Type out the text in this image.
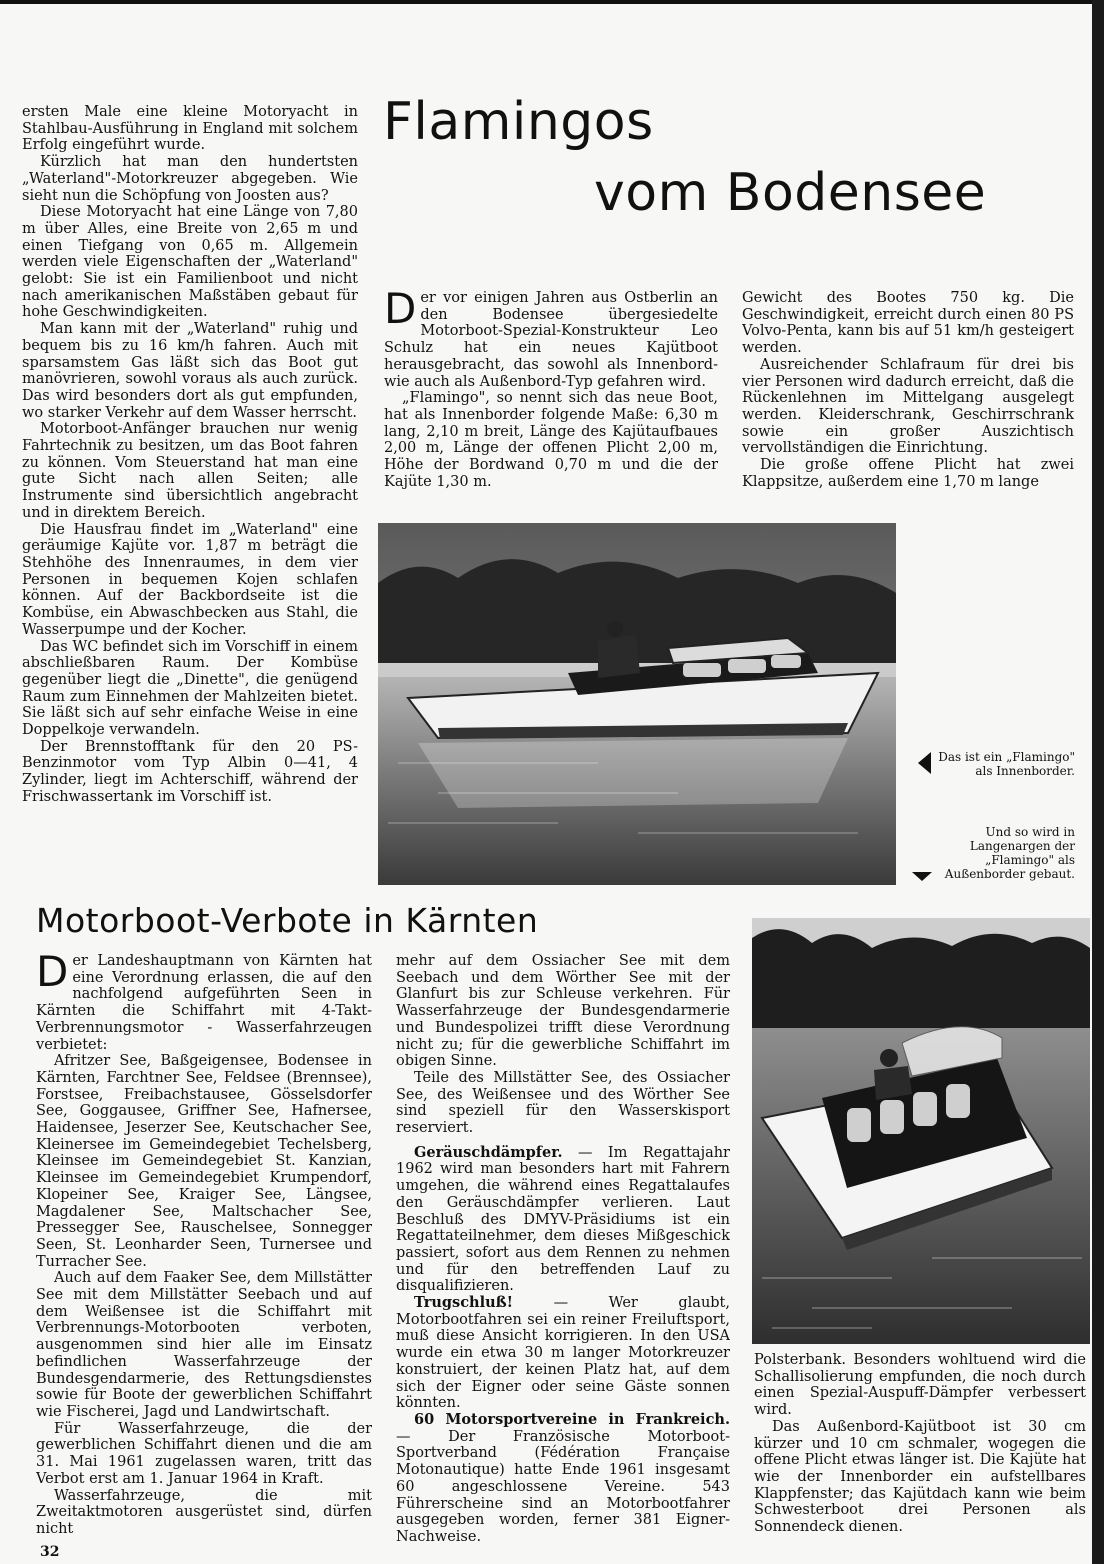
Flamingos
vom Bodensee

ersten Male eine kleine Motoryacht in Stahlbau-Ausführung in England mit solchem Erfolg eingeführt wurde.

Kürzlich hat man den hundertsten „Waterland"-Motorkreuzer abgegeben. Wie sieht nun die Schöpfung von Joosten aus?

Diese Motoryacht hat eine Länge von 7,80 m über Alles, eine Breite von 2,65 m und einen Tiefgang von 0,65 m. Allgemein werden viele Eigenschaften der „Waterland" gelobt: Sie ist ein Familienboot und nicht nach amerikanischen Maßstäben gebaut für hohe Geschwindigkeiten.

Man kann mit der „Waterland" ruhig und bequem bis zu 16 km/h fahren. Auch mit sparsamstem Gas läßt sich das Boot gut manövrieren, sowohl voraus als auch zurück. Das wird besonders dort als gut empfunden, wo starker Verkehr auf dem Wasser herrscht.

Motorboot-Anfänger brauchen nur wenig Fahrtechnik zu besitzen, um das Boot fahren zu können. Vom Steuerstand hat man eine gute Sicht nach allen Seiten; alle Instrumente sind übersichtlich angebracht und in direktem Bereich.

Die Hausfrau findet im „Waterland" eine geräumige Kajüte vor. 1,87 m beträgt die Stehhöhe des Innenraumes, in dem vier Personen in bequemen Kojen schlafen können. Auf der Backbordseite ist die Kombüse, ein Abwaschbecken aus Stahl, die Wasserpumpe und der Kocher.

Das WC befindet sich im Vorschiff in einem abschließbaren Raum. Der Kombüse gegenüber liegt die „Dinette", die genügend Raum zum Einnehmen der Mahlzeiten bietet. Sie läßt sich auf sehr einfache Weise in eine Doppelkoje verwandeln.

Der Brennstofftank für den 20 PS-Benzinmotor vom Typ Albin 0—41, 4 Zylinder, liegt im Achterschiff, während der Frischwassertank im Vorschiff ist.

Der vor einigen Jahren aus Ostberlin an den Bodensee übergesiedelte Motorboot-Spezial-Konstrukteur Leo Schulz hat ein neues Kajütboot herausgebracht, das sowohl als Innenbord- wie auch als Außenbord-Typ gefahren wird.

„Flamingo", so nennt sich das neue Boot, hat als Innenborder folgende Maße: 6,30 m lang, 2,10 m breit, Länge des Kajütaufbaues 2,00 m, Länge der offenen Plicht 2,00 m, Höhe der Bordwand 0,70 m und die der Kajüte 1,30 m.

Gewicht des Bootes 750 kg. Die Geschwindigkeit, erreicht durch einen 80 PS Volvo-Penta, kann bis auf 51 km/h gesteigert werden.

Ausreichender Schlafraum für drei bis vier Personen wird dadurch erreicht, daß die Rückenlehnen im Mittelgang ausgelegt werden. Kleiderschrank, Geschirrschrank sowie ein großer Auszichtisch vervollständigen die Einrichtung.

Die große offene Plicht hat zwei Klappsitze, außerdem eine 1,70 m lange

Das ist ein „Flamingo" als Innenborder.
Und so wird in Langenargen der „Flamingo" als Außenborder gebaut.
Motorboot-Verbote in Kärnten

Der Landeshauptmann von Kärnten hat eine Verordnung erlassen, die auf den nachfolgend aufgeführten Seen in Kärnten die Schiffahrt mit 4-Takt-Verbrennungsmotor - Wasserfahrzeugen verbietet:

Afritzer See, Baßgeigensee, Bodensee in Kärnten, Farchtner See, Feldsee (Brennsee), Forstsee, Freibachstausee, Gösselsdorfer See, Goggausee, Griffner See, Hafnersee, Haidensee, Jeserzer See, Keutschacher See, Kleinersee im Gemeindegebiet Techelsberg, Kleinsee im Gemeindegebiet St. Kanzian, Kleinsee im Gemeindegebiet Krumpendorf, Klopeiner See, Kraiger See, Längsee, Magdalener See, Maltschacher See, Pressegger See, Rauschelsee, Sonnegger Seen, St. Leonharder Seen, Turnersee und Turracher See.

Auch auf dem Faaker See, dem Millstätter See mit dem Millstätter Seebach und auf dem Weißensee ist die Schiffahrt mit Verbrennungs-Motorbooten verboten, ausgenommen sind hier alle im Einsatz befindlichen Wasserfahrzeuge der Bundesgendarmerie, des Rettungsdienstes sowie für Boote der gewerblichen Schiffahrt wie Fischerei, Jagd und Landwirtschaft.

Für Wasserfahrzeuge, die der gewerblichen Schiffahrt dienen und die am 31. Mai 1961 zugelassen waren, tritt das Verbot erst am 1. Januar 1964 in Kraft.

Wasserfahrzeuge, die mit Zweitaktmotoren ausgerüstet sind, dürfen nicht

mehr auf dem Ossiacher See mit dem Seebach und dem Wörther See mit der Glanfurt bis zur Schleuse verkehren. Für Wasserfahrzeuge der Bundesgendarmerie und Bundespolizei trifft diese Verordnung nicht zu; für die gewerbliche Schiffahrt im obigen Sinne.

Teile des Millstätter See, des Ossiacher See, des Weißensee und des Wörther See sind speziell für den Wasserskisport reserviert.

Geräuschdämpfer. — Im Regattajahr 1962 wird man besonders hart mit Fahrern umgehen, die während eines Regattalaufes den Geräuschdämpfer verlieren. Laut Beschluß des DMYV-Präsidiums ist ein Regattateilnehmer, dem dieses Mißgeschick passiert, sofort aus dem Rennen zu nehmen und für den betreffenden Lauf zu disqualifizieren.

Trugschluß! — Wer glaubt, Motorbootfahren sei ein reiner Freiluftsport, muß diese Ansicht korrigieren. In den USA wurde ein etwa 30 m langer Motorkreuzer konstruiert, der keinen Platz hat, auf dem sich der Eigner oder seine Gäste sonnen könnten.

60 Motorsportvereine in Frankreich. — Der Französische Motorboot-Sportverband (Fédération Française Motonautique) hatte Ende 1961 insgesamt 60 angeschlossene Vereine. 543 Führerscheine sind an Motorbootfahrer ausgegeben worden, ferner 381 Eigner-Nachweise.

Polsterbank. Besonders wohltuend wird die Schallisolierung empfunden, die noch durch einen Spezial-Auspuff-Dämpfer verbessert wird.

Das Außenbord-Kajütboot ist 30 cm kürzer und 10 cm schmaler, wogegen die offene Plicht etwas länger ist. Die Kajüte hat wie der Innenborder ein aufstellbares Klappfenster; das Kajütdach kann wie beim Schwesterboot drei Personen als Sonnendeck dienen.

32
